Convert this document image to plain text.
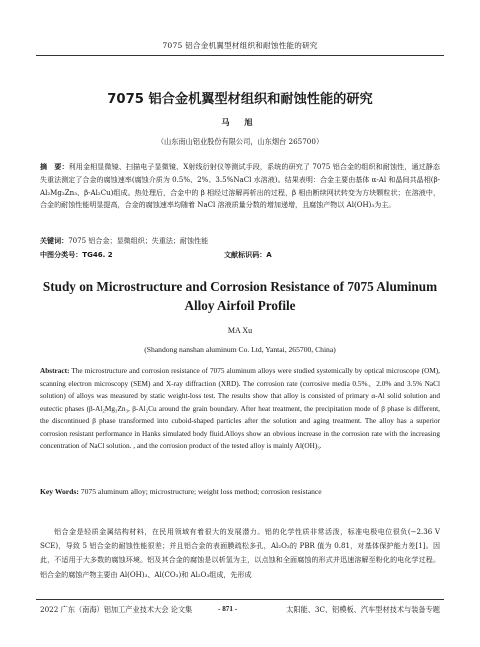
7075 铝合金机翼型材组织和耐蚀性能的研究
7075 铝合金机翼型材组织和耐蚀性能的研究
马 旭
（山东南山铝业股份有限公司，山东烟台 265700）
摘　要：利用金相显微镜、扫描电子显微镜、X射线衍射仪等测试手段，系统的研究了 7075 铝合金的组织和耐蚀性，通过静态失重法测定了合金的腐蚀速率(腐蚀介质为 0.5%、2%、3.5%NaCl 水溶液)。结果表明：合金主要由基体 α-Al 和晶间共晶相(β-Al₂Mg₃Zn₃、β-Al₂Cu)组成。热处理后，合金中的 β 相经过溶解再析出的过程，β 相由断续网状转变为方块颗粒状；在溶液中，合金的耐蚀性能明显提高，合金的腐蚀速率均随着 NaCl 溶液质量分数的增加递增，且腐蚀产物以 Al(OH)₃为主。
关键词：7075 铝合金；显微组织；失重法；耐蚀性能
中图分类号：TG46. 2	文献标识码：A
Study on Microstructure and Corrosion Resistance of 7075 Aluminum
Alloy Airfoil Profile
MA Xu
(Shandong nanshan aluminum Co. Ltd, Yantai, 265700, China)
Abstract: The microstructure and corrosion resistance of 7075 aluminum alloys were studied systemically by optical microscope (OM), scanning electron microscopy (SEM) and X-ray diffraction (XRD). The corrosion rate (corrosive media 0.5%、2.0% and 3.5% NaCl solution) of alloys was measured by static weight-loss test. The results show that alloy is consisted of primary α-Al solid solution and eutectic phases (β-Al₂Mg₃Zn₃, β-Al₂Cu around the grain boundary. After heat treatment, the precipitation mode of β phase is different, the discontinued β phase transformed into cuboid-shaped particles after the solution and aging treatment. The alloy has a superior corrosion resistant performance in Hanks simulated body fluid.Alloys show an obvious increase in the corrosion rate with the increasing concentration of NaCl solution. , and the corrosion product of the tested alloy is mainly Al(OH)₃.
Key Words: 7075 aluminum alloy; microstructure; weight loss method; corrosion resistance

铝合金是轻质金属结构材料，在民用领域有着很大的发展潜力。铝的化学性质非常活泼，标准电极电位很负(−2.36 V SCE)，导致 5 铝合金的耐蚀性能很差；并且铝合金的表面膜疏松多孔，Al₂O₃的 PBR 值为 0.81，对基体保护能力差[1]。因此，不适用于大多数的腐蚀环境。铝及其合金的腐蚀是以析氢为主，以点蚀和全面腐蚀的形式并迅速溶解至粉化的电化学过程。铝合金的腐蚀产物主要由 Al(OH)₃、Al(CO₃)和 Al₂O₃组成，先形成

2022 广东（南海）铝加工产业技术大会 论文集	- 871 -	太阳能、3C、铝模板、汽车型材技术与装备专题
